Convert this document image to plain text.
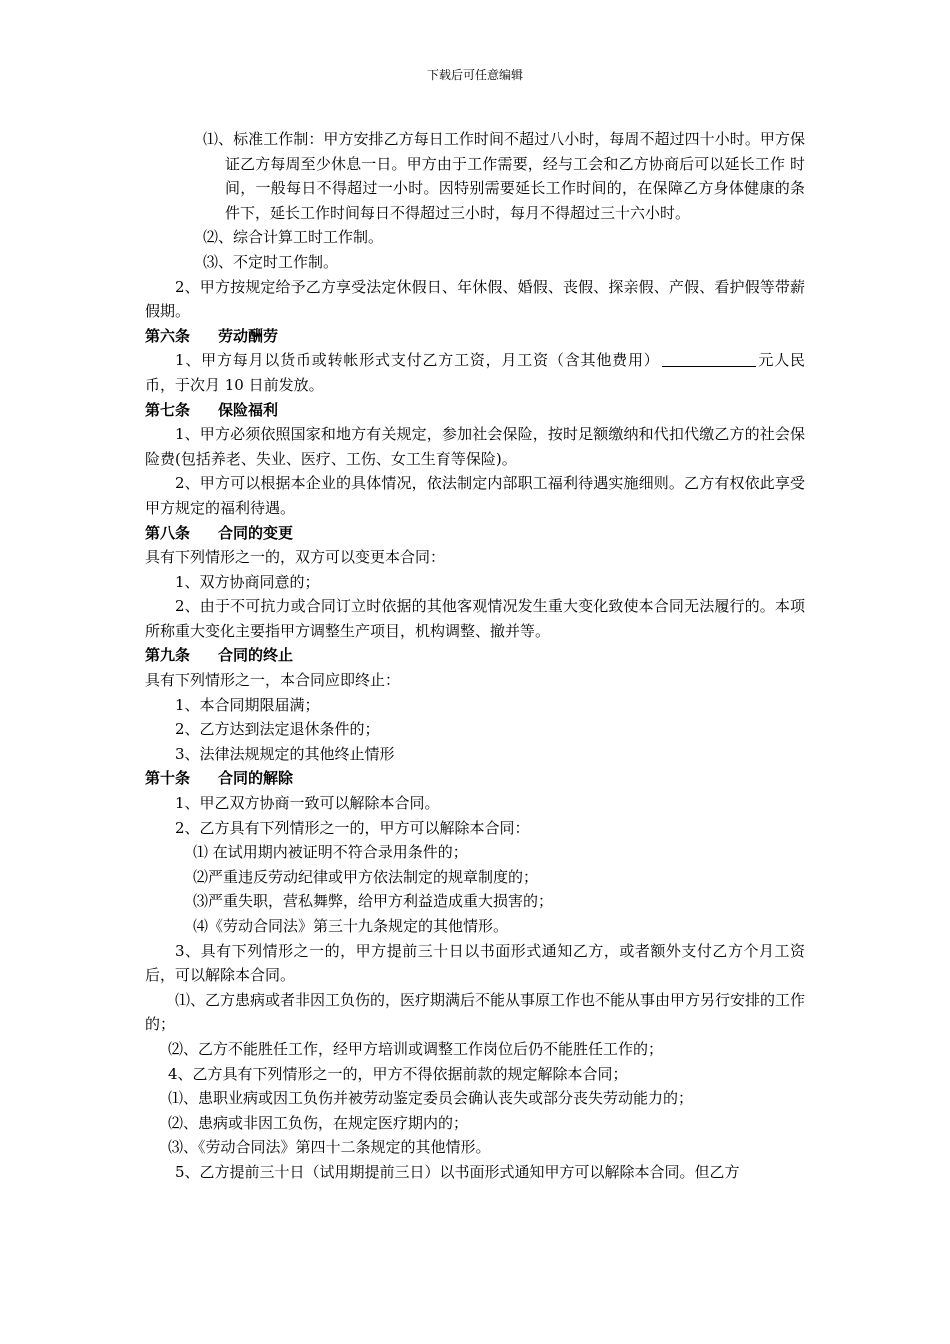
下载后可任意编辑

⑴、标准工作制：甲方安排乙方每日工作时间不超过八小时，每周不超过四十小时。甲方保证乙方每周至少休息一日。甲方由于工作需要，经与工会和乙方协商后可以延长工作 时间，一般每日不得超过一小时。因特别需要延长工作时间的，在保障乙方身体健康的条件下，延长工作时间每日不得超过三小时，每月不得超过三十六小时。

⑵、综合计算工时工作制。

⑶、不定时工作制。

2、甲方按规定给予乙方享受法定休假日、年休假、婚假、丧假、探亲假、产假、看护假等带薪假期。

第六条 劳动酬劳

1、甲方每月以货币或转帐形式支付乙方工资，月工资（含其他费用）	元人民币，于次月 10 日前发放。

第七条 保险福利

1、甲方必须依照国家和地方有关规定，参加社会保险，按时足额缴纳和代扣代缴乙方的社会保险费(包括养老、失业、医疗、工伤、女工生育等保险)。

2、甲方可以根据本企业的具体情况，依法制定内部职工福利待遇实施细则。乙方有权依此享受甲方规定的福利待遇。

第八条 合同的变更

具有下列情形之一的，双方可以变更本合同：

1、双方协商同意的；

2、由于不可抗力或合同订立时依据的其他客观情况发生重大变化致使本合同无法履行的。本项所称重大变化主要指甲方调整生产项目，机构调整、撤并等。

第九条 合同的终止

具有下列情形之一，本合同应即终止：

1、本合同期限届满；

2、乙方达到法定退休条件的；

3、法律法规规定的其他终止情形

第十条 合同的解除

1、甲乙双方协商一致可以解除本合同。

2、乙方具有下列情形之一的，甲方可以解除本合同：

⑴ 在试用期内被证明不符合录用条件的；

⑵严重违反劳动纪律或甲方依法制定的规章制度的；

⑶严重失职，营私舞弊，给甲方利益造成重大损害的；

⑷《劳动合同法》第三十九条规定的其他情形。

3、具有下列情形之一的，甲方提前三十日以书面形式通知乙方，或者额外支付乙方个月工资后，可以解除本合同。

⑴、乙方患病或者非因工负伤的，医疗期满后不能从事原工作也不能从事由甲方另行安排的工作的；

⑵、乙方不能胜任工作，经甲方培训或调整工作岗位后仍不能胜任工作的；

4、乙方具有下列情形之一的，甲方不得依据前款的规定解除本合同；

⑴、患职业病或因工负伤并被劳动鉴定委员会确认丧失或部分丧失劳动能力的；

⑵、患病或非因工负伤，在规定医疗期内的；

⑶、《劳动合同法》第四十二条规定的其他情形。

5、乙方提前三十日（试用期提前三日）以书面形式通知甲方可以解除本合同。但乙方
